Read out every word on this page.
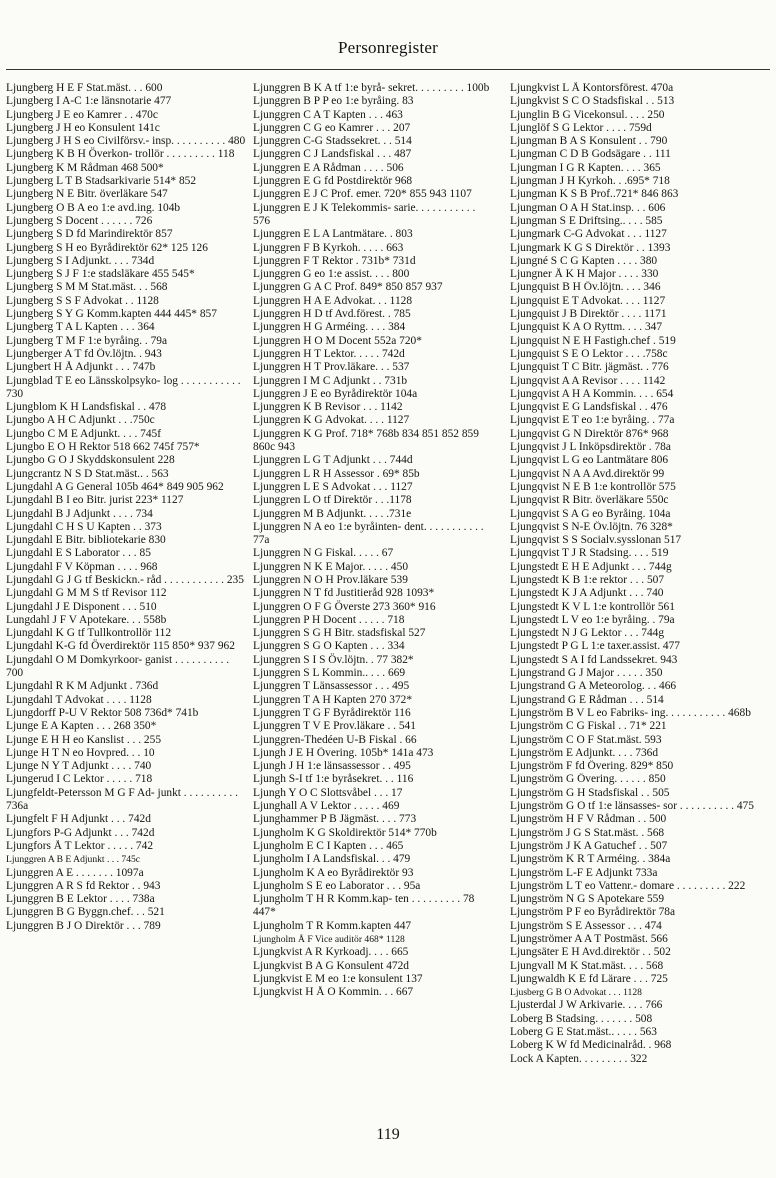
Personregister
Ljungberg H E F Stat.mäst. . . 600
Ljungberg I A-C 1:e länsnotarie 477
Ljungberg J E eo Kamrer . . 470c
Ljungberg J H eo Konsulent 141c
Ljungberg J H S eo Civilförsv.- insp. . . . . . . . . . 480
Ljungberg K B H Överkon- trollör . . . . . . . . . 118
Ljungberg K M Rådman 468 500*
Ljungberg L T B Stadsarkivarie 514* 852
Ljungberg N E Bitr. överläkare 547
Ljungberg O B A eo 1:e avd.ing. 104b
Ljungberg S Docent . . . . . . 726
Ljungberg S D fd Marindirektör 857
Ljungberg S H eo Byrådirektör 62* 125 126
Ljungberg S I Adjunkt. . . . 734d
Ljungberg S J F 1:e stadsläkare 455 545*
Ljungberg S M M Stat.mäst. . . 568
Ljungberg S S F Advokat . . 1128
Ljungberg S Y G Komm.kapten 444 445* 857
Ljungberg T A L Kapten . . . 364
Ljungberg T M F 1:e byråing. . 79a
Ljungberger A T fd Öv.löjtn. . 943
Ljungbert H Å Adjunkt . . . 747b
Ljungblad T E eo Länsskolpsyko- log . . . . . . . . . . . 730
Ljungblom K H Landsfiskal . . 478
Ljungbo A H C Adjunkt . . .750c
Ljungbo C M E Adjunkt. . . . 745f
Ljungbo E O H Rektor 518 662 745f 757*
Ljungbo G O J Skyddskonsulent 228
Ljungcrantz N S D Stat.mäst.. . 563
Ljungdahl A G General 105b 464* 849 905 962
Ljungdahl B I eo Bitr. jurist 223* 1127
Ljungdahl B J Adjunkt . . . . 734
Ljungdahl C H S U Kapten . . 373
Ljungdahl E Bitr. bibliotekarie 830
Ljungdahl E S Laborator . . . 85
Ljungdahl F V Köpman . . . . 968
Ljungdahl G J G tf Beskickn.- råd . . . . . . . . . . . 235
Ljungdahl G M M S tf Revisor 112
Ljungdahl J E Disponent . . . 510
Lungdahl J F V Apotekare. . . 558b
Ljungdahl K G tf Tullkontrollör 112
Ljungdahl K-G fd Överdirektör 115 850* 937 962
Ljungdahl O M Domkyrkoor- ganist . . . . . . . . . . 700
Ljungdahl R K M Adjunkt . 736d
Ljungdahl T Advokat . . . . 1128
Ljungdorff P-U V Rektor 508 736d* 741b
Ljunge E A Kapten . . . 268 350*
Ljunge E H H eo Kanslist . . . 255
Ljunge H T N eo Hovpred. . . 10
Ljunge N Y T Adjunkt . . . . 740
Ljungerud I C Lektor . . . . . 718
Ljungfeldt-Petersson M G F Ad- junkt . . . . . . . . . . 736a
Ljungfelt F H Adjunkt . . . 742d
Ljungfors P-G Adjunkt . . . 742d
Ljungfors Å T Lektor . . . . . 742
Ljunggren A B E Adjunkt . . . 745c
Ljunggren A E . . . . . . . 1097a
Ljunggren A R S fd Rektor . . 943
Ljunggren B E Lektor . . . . 738a
Ljunggren B G Byggn.chef. . . 521
Ljunggren B J O Direktör . . . 789
Ljunggren B K A tf 1:e byrå- sekret. . . . . . . . . 100b
Ljunggren B P P eo 1:e byråing. 83
Ljunggren C A T Kapten . . . 463
Ljunggren C G eo Kamrer . . . 207
Ljunggren C-G Stadssekret. . . 514
Ljunggren C J Landsfiskal . . . 487
Ljunggren E A Rådman . . . . 506
Ljunggren E G fd Postdirektör 968
Ljunggren E J C Prof. emer. 720* 855 943 1107
Ljunggren E J K Telekommis- sarie. . . . . . . . . . . 576
Ljunggren E L A Lantmätare. . 803
Ljunggren F B Kyrkoh. . . . . 663
Ljunggren F T Rektor . 731b* 731d
Ljunggren G eo 1:e assist. . . . 800
Ljunggren G A C Prof. 849* 850 857 937
Ljunggren H A E Advokat. . . 1128
Ljunggren H D tf Avd.förest. . 785
Ljunggren H G Arméing. . . . 384
Ljunggren H O M Docent 552a 720*
Ljunggren H T Lektor. . . . . 742d
Ljunggren H T Prov.läkare. . . 537
Ljunggren I M C Adjunkt . . 731b
Ljunggren J E eo Byrådirektör 104a
Ljunggren K B Revisor . . . 1142
Ljunggren K G Advokat. . . . 1127
Ljunggren K G Prof. 718* 768b 834 851 852 859 860c 943
Ljunggren L G T Adjunkt . . . 744d
Ljunggren L R H Assessor . 69* 85b
Ljunggren L E S Advokat . . . 1127
Ljunggren L O tf Direktör . . .1178
Ljunggren M B Adjunkt. . . . .731e
Ljunggren N A eo 1:e byråinten- dent. . . . . . . . . . . 77a
Ljunggren N G Fiskal. . . . . 67
Ljunggren N K E Major. . . . . 450
Ljunggren N O H Prov.läkare 539
Ljunggren N T fd Justitieråd 928 1093*
Ljunggren O F G Överste 273 360* 916
Ljunggren P H Docent . . . . . 718
Ljunggren S G H Bitr. stadsfiskal 527
Ljunggren S G O Kapten . . . 334
Ljunggren S I S Öv.löjtn. . 77 382*
Ljunggren S L Kommin.. . . . 669
Ljunggren T Länsassessor . . . 495
Ljunggren T A H Kapten 270 372*
Ljunggren T G F Byrådirektör 116
Ljunggren T V E Prov.läkare . . 541
Ljunggren-Thedéen U-B Fiskal . 66
Ljungh J E H Övering. 105b* 141a 473
Ljungh J H 1:e länsassessor . . 495
Ljungh S-I tf 1:e byråsekret. . . 116
Ljungh Y O C Slottsvåbel . . . 17
Ljunghall A V Lektor . . . . . 469
Ljunghammer P B Jägmäst. . . . 773
Ljungholm K G Skoldirektör 514* 770b
Ljungholm E C I Kapten . . . 465
Ljungholm I A Landsfiskal. . . 479
Ljungholm K A eo Byrådirektör 93
Ljungholm S E eo Laborator . . . 95a
Ljungholm T H R Komm.kap- ten . . . . . . . . . 78 447*
Ljungholm T R Komm.kapten 447
Ljungholm Å F Vice auditör 468* 1128
Ljungkvist A R Kyrkoadj. . . . 665
Ljungkvist B A G Konsulent 472d
Ljungkvist E M eo 1:e konsulent 137
Ljungkvist H Å O Kommin. . . 667
Ljungkvist L Å Kontorsförest. 470a
Ljungkvist S C O Stadsfiskal . . 513
Ljunglin B G Vicekonsul. . . . 250
Ljunglöf S G Lektor . . . . 759d
Ljungman B A S Konsulent . . 790
Ljungman C D B Godsägare . . 111
Ljungman I G R Kapten. . . . 365
Ljungman J H Kyrkoh. . .695* 718
Ljungman K S B Prof..721* 846 863
Ljungman O A H Stat.insp. . . 606
Ljungman S E Driftsing.. . . . 585
Ljungmark C-G Advokat . . . 1127
Ljungmark K G S Direktör . . 1393
Ljungné S C G Kapten . . . . 380
Ljungner Å K H Major . . . . 330
Ljungquist B H Öv.löjtn. . . . 346
Ljungquist E T Advokat. . . . 1127
Ljungquist J B Direktör . . . . 1171
Ljungquist K A O Ryttm. . . . 347
Ljungquist N E H Fastigh.chef . 519
Ljungquist S E O Lektor . . . .758c
Ljungquist T C Bitr. jägmäst. . 776
Ljungqvist A A Revisor . . . . 1142
Ljungqvist A H A Kommin. . . . 654
Ljungqvist E G Landsfiskal . . 476
Ljungqvist E T eo 1:e byråing. . 77a
Ljungqvist G N Direktör 876* 968
Ljungqvist J L Inköpsdirektör . 78a
Ljungqvist L G eo Lantmätare 806
Ljungqvist N A A Avd.direktör 99
Ljungqvist N E B 1:e kontrollör 575
Ljungqvist R Bitr. överläkare 550c
Ljungqvist S A G eo Byråing. 104a
Ljungqvist S N-E Öv.löjtn. 76 328*
Ljungqvist S S Socialv.sysslonan 517
Ljungqvist T J R Stadsing. . . . 519
Ljungstedt E H E Adjunkt . . . 744g
Ljungstedt K B 1:e rektor . . . 507
Ljungstedt K J A Adjunkt . . . 740
Ljungstedt K V L 1:e kontrollör 561
Ljungstedt L V eo 1:e byråing. . 79a
Ljungstedt N J G Lektor . . . 744g
Ljungstedt P G L 1:e taxer.assist. 477
Ljungstedt S A I fd Landssekret. 943
Ljungstrand G J Major . . . . . 350
Ljungstrand G A Meteorolog. . . 466
Ljungstrand G E Rådman . . . 514
Ljungström B V L eo Fabriks- ing. . . . . . . . . . . 468b
Ljungström C G Fiskal . . 71* 221
Ljungström C O F Stat.mäst. 593
Ljungström E Adjunkt. . . . 736d
Ljungström F fd Övering. 829* 850
Ljungström G Övering. . . . . . 850
Ljungström G H Stadsfiskal . . 505
Ljungström G O tf 1:e länsasses- sor . . . . . . . . . . 475
Ljungström H F V Rådman . . 500
Ljungström J G S Stat.mäst. . 568
Ljungström J K A Gatuchef . . 507
Ljungström K R T Arméing. . 384a
Ljungström L-F E Adjunkt 733a
Ljungström L T eo Vattenr.- domare . . . . . . . . . 222
Ljungström N G S Apotekare 559
Ljungström P F eo Byrådirektör 78a
Ljungström S E Assessor . . . 474
Ljungströmer A A T Postmäst. 566
Ljungsäter E H Avd.direktör . . 502
Ljungvall M K Stat.mäst. . . . 568
Ljungwaldh K E fd Lärare . . . 725
Ljusberg G B O Advokat . . . 1128
Ljusterdal J W Arkivarie. . . . 766
Loberg B Stadsing. . . . . . . 508
Loberg G E Stat.mäst.. . . . . 563
Loberg K W fd Medicinalråd. . 968
Lock A Kapten. . . . . . . . . 322
119
